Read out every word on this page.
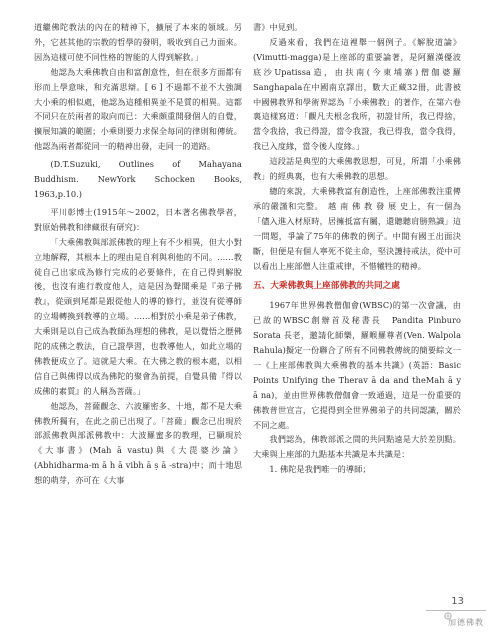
道繼佛陀教法的內在的精神下，擴展了本來的領域。另外，它甚其他的宗教的哲學的發明，吸收到自己力面來。因為這樣可使不同性格的智能的人得到解救。」

他認為大乘佛教自由和富創意性，但在很多方面都有形而上學意味，和充滿思辯。[ 6 ] 不過都不並不大強調大小乘的相似處，他認為這種相異並不是質的相異。這都不同只在於兩者的取向而已：大乘頗重開發個人的自覺，擴展知識的範圍；小乘則要力求保全每同的律則和傳統。他認為兩者都從同一的精神出發，走同一的道路。

(D.T.Suzuki, Outlines of Mahayana Buddhism. NewYork Schocken Books, 1963,p.10.)

平川彰博士(1915年～2002，日本著名佛教學者，對原始佛教和律藏很有研究)：

「大乘佛教與部派佛教的理上有不少相異，但大小對立地解釋，其根本上的理由是自利與利他的不同。……教徒自己出家成為修行完成的必要條件，在自己得到解脫後，也沒有進行教度他人，這是因為聲聞乘是『弟子佛教』，從頭到尾都是跟從他人的導的修行，並沒有從導師的立場轉換到教導的立場。……相對於小乘是弟子佛教，大乘則是以自己成為教師為理想的佛教，是以覺悟之歷佛陀的成佛之教法，自己證學習，也教導他人，如此立場的佛教便成立了。這就是大乘。在大佛之教的根本處，以相信自己與佛得以成為佛陀的聚會為前提，自覺具備『得以成佛的素質』的人稱為菩薩。」

他認為，菩薩觀念、六波羅密多、十地，都不是大乘佛教所獨有，在此之前已出現了。「菩薩」觀念已出現於部派佛教與部派佛教中：大波羅蜜多的教理，已顯現於《大事書》(Mah ā vastu)與《大毘婆沙論》(Abhidharma-m ā h ā vibh ā ṣ ā -stra)中；而十地思想的萌芽，亦可在《大事

書》中見到。

反過來看，我們在這裡舉一個例子。《解脫道論》(Vimutti-magga)是上座部的重要論著，是阿羅漢優波底沙Upatissa造，由扶南(今東埔寨)僧伽婆羅Sanghapala在中國南京譯出，數大正藏32冊，此書被中國佛教界和學術界認為「小乘佛教」的著作，在第六卷裏這樣寫道：「觀凡夫根念我所，初證甘所，我已得捨，當令我捨，我已得證，當令我證，我已得我，當令我得，我已入度緣，當令後人度緣。」

這段話是典型的大乘佛教思想，可見，所謂「小乘佛教」的經典裏，也有大乘佛教的思想。

總的來說，大乘佛教富有創造性，上座部佛教注重傳承的嚴謹和完整。　越 南 佛 教 發 展 史上，有一個為「儘入進入材原時，居擁抵富有屬，還聽聽肩膀熟識」這一問題，爭論了75年的佛教的例子。中間有國王出面決斷，但便是有個人寧死不從主命，堅決護持戒法，從中可以看出上座部僧人注重戒律，不惜犧牲的精神。

五、大乘佛教與上座部佛教的共同之處

1967年世界佛教僧伽會(WBSC)的第一次會議，由已故的WBSC創辦首及秘書長　Pandita Pinburo Sorata 長老，邀請化師樂，羅睺羅尊者(Ven. Walpola Rahula)擬定一份聯合了所有不同佛教傳統的簡要綜文一一《上座部佛教與大乘佛教的基本共識》(英語：Basic Points Unifying the Therav ā da and theMah ā y ā na)，並由世界佛教僧伽會一致通過，這是一份重要的佛教普世宣言，它提得到全世界佛弟子的共同認識，關於不同之處。

我們認為，佛教部派之間的共同點遠是大於差別點。大乘與上座部的九點基本共識是本共識是：

1. 佛陀是我們唯一的導師；

13
加德佛教
